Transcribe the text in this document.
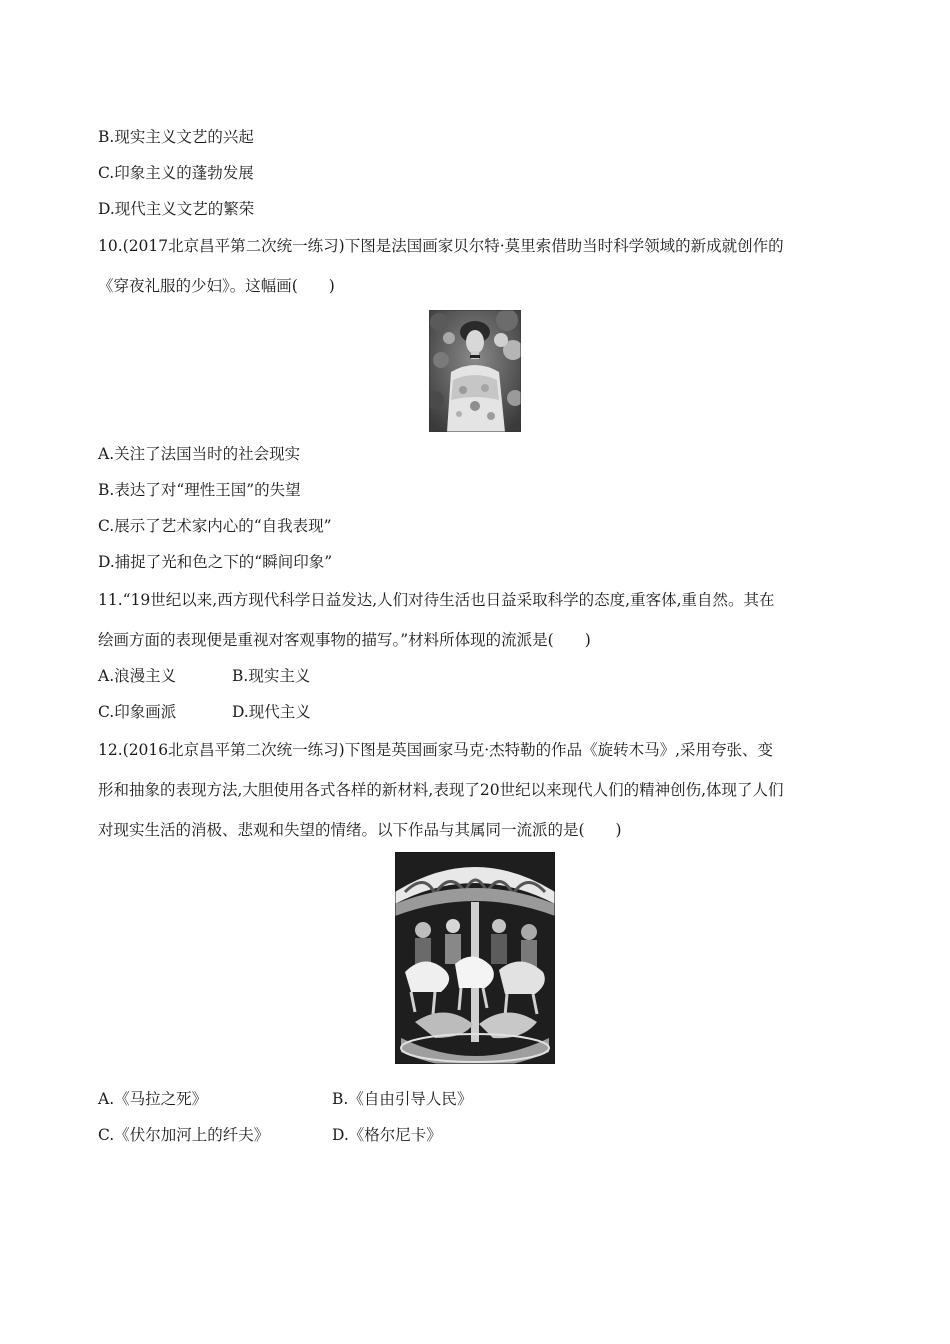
B.现实主义文艺的兴起
C.印象主义的蓬勃发展
D.现代主义文艺的繁荣
10.(2017北京昌平第二次统一练习)下图是法国画家贝尔特·莫里索借助当时科学领域的新成就创作的
《穿夜礼服的少妇》。这幅画(　　)
A.关注了法国当时的社会现实
B.表达了对“理性王国”的失望
C.展示了艺术家内心的“自我表现”
D.捕捉了光和色之下的“瞬间印象”
11.“19世纪以来,西方现代科学日益发达,人们对待生活也日益采取科学的态度,重客体,重自然。其在
绘画方面的表现便是重视对客观事物的描写。”材料所体现的流派是(　　)
A.浪漫主义	B.现实主义
C.印象画派	D.现代主义
12.(2016北京昌平第二次统一练习)下图是英国画家马克·杰特勒的作品《旋转木马》,采用夸张、变
形和抽象的表现方法,大胆使用各式各样的新材料,表现了20世纪以来现代人们的精神创伤,体现了人们
对现实生活的消极、悲观和失望的情绪。以下作品与其属同一流派的是(　　)
A.《马拉之死》	B.《自由引导人民》
C.《伏尔加河上的纤夫》	D.《格尔尼卡》
